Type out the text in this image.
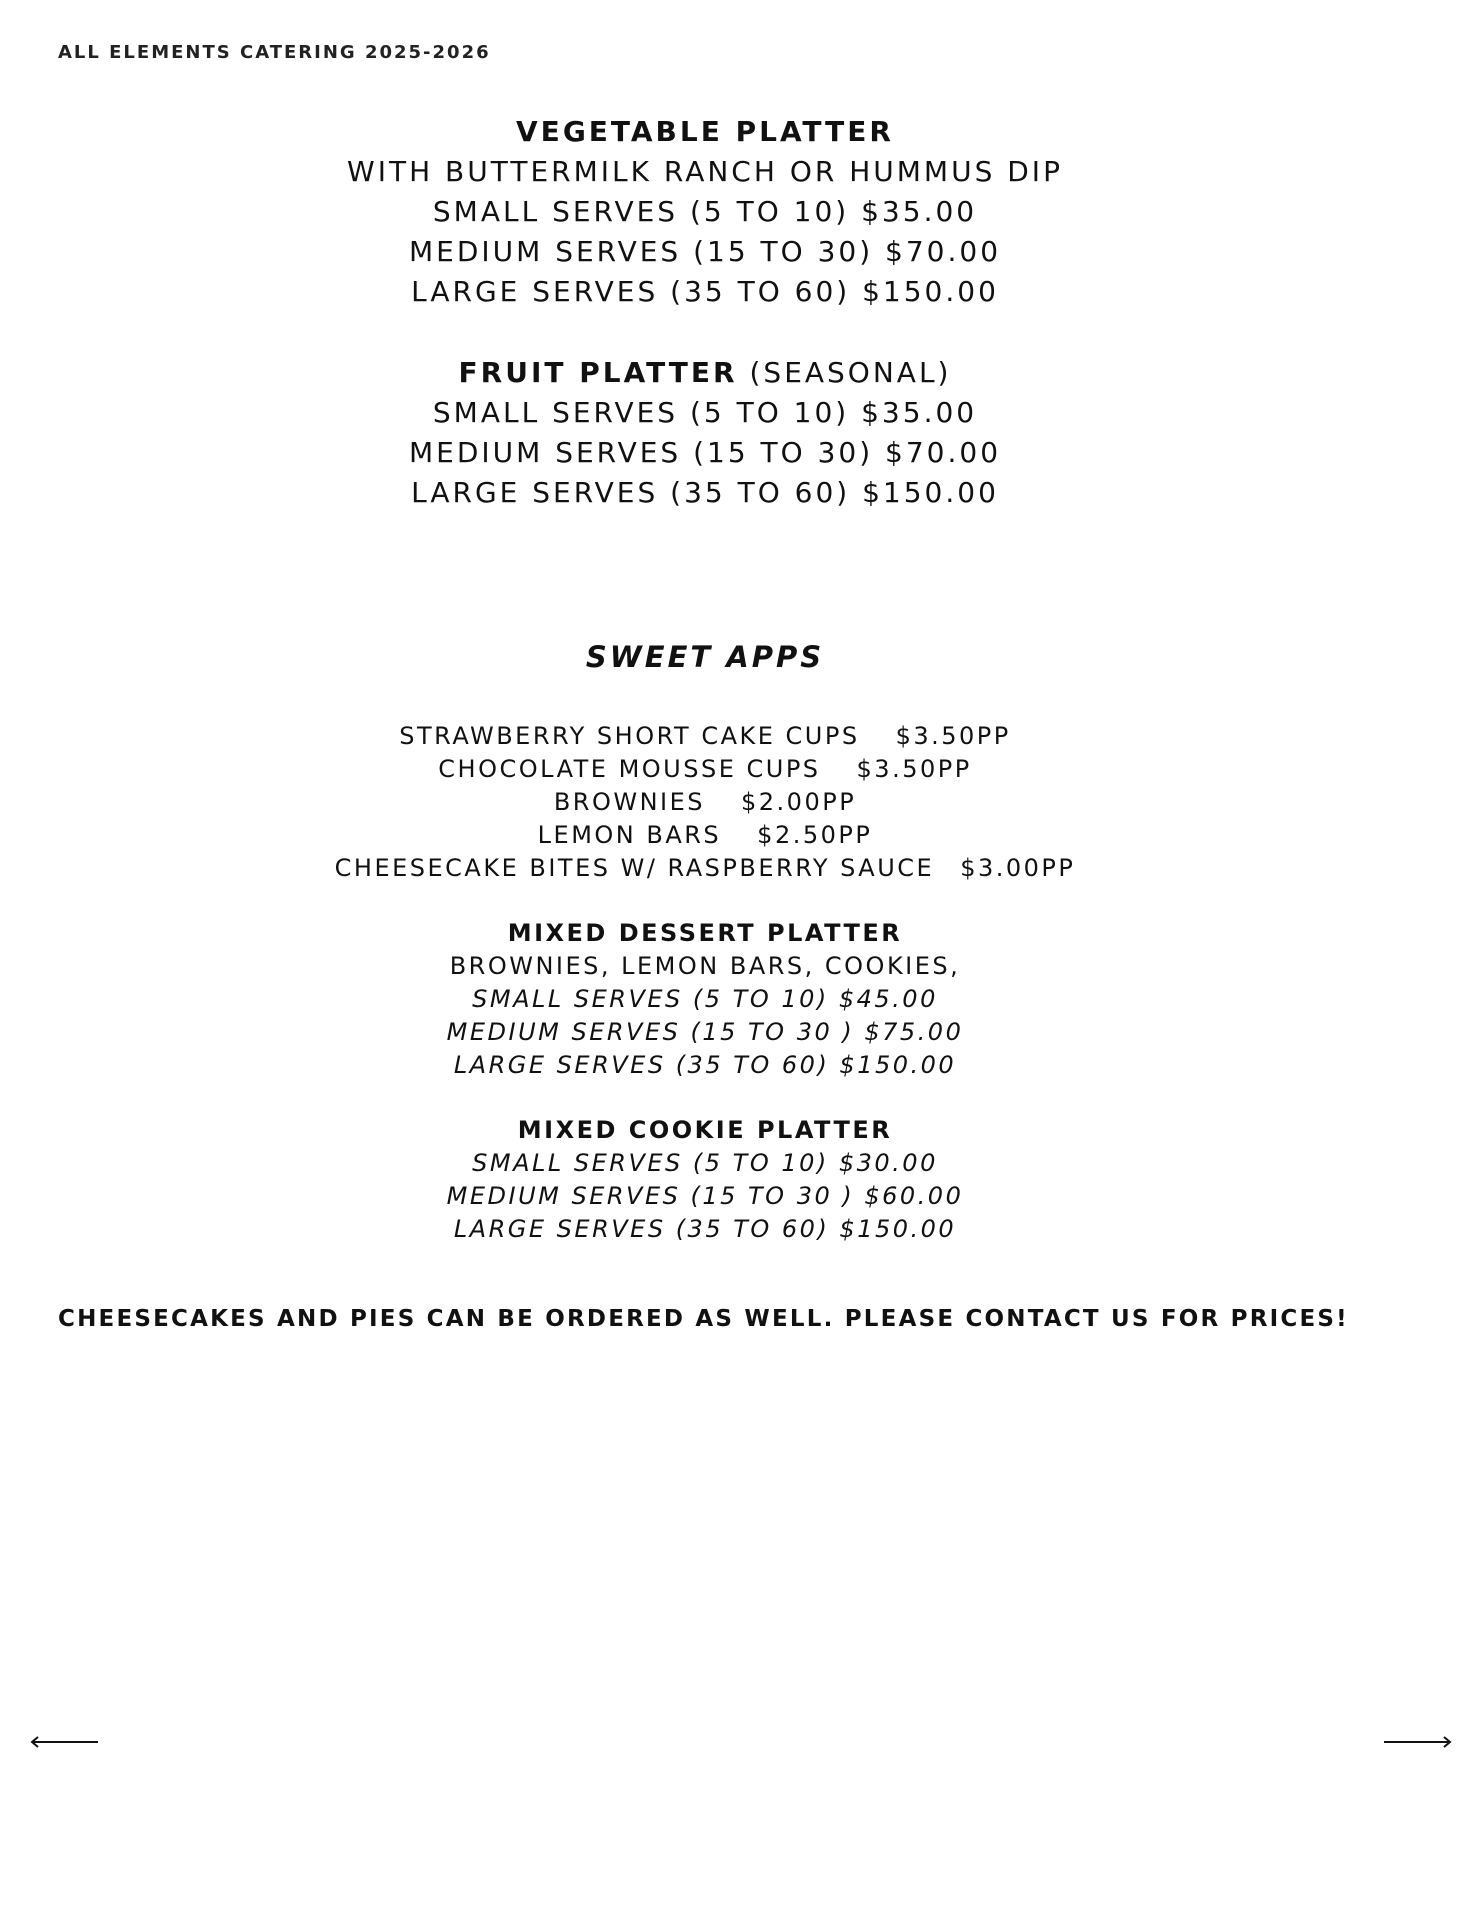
ALL ELEMENTS CATERING 2025-2026
VEGETABLE PLATTER
WITH BUTTERMILK RANCH OR HUMMUS DIP
SMALL SERVES (5 TO 10) $35.00
MEDIUM SERVES (15 TO 30) $70.00
LARGE SERVES (35 TO 60) $150.00
FRUIT PLATTER (SEASONAL)
SMALL SERVES (5 TO 10) $35.00
MEDIUM SERVES (15 TO 30) $70.00
LARGE SERVES (35 TO 60) $150.00
SWEET APPS
STRAWBERRY SHORT CAKE CUPS $3.50PP
CHOCOLATE MOUSSE CUPS $3.50PP
BROWNIES $2.00PP
LEMON BARS $2.50PP
CHEESECAKE BITES W/ RASPBERRY SAUCE $3.00PP
MIXED DESSERT PLATTER
BROWNIES, LEMON BARS, COOKIES,
SMALL SERVES (5 TO 10) $45.00
MEDIUM SERVES (15 TO 30 ) $75.00
LARGE SERVES (35 TO 60) $150.00
MIXED COOKIE PLATTER
SMALL SERVES (5 TO 10) $30.00
MEDIUM SERVES (15 TO 30 ) $60.00
LARGE SERVES (35 TO 60) $150.00
CHEESECAKES AND PIES CAN BE ORDERED AS WELL. PLEASE CONTACT US FOR PRICES!
